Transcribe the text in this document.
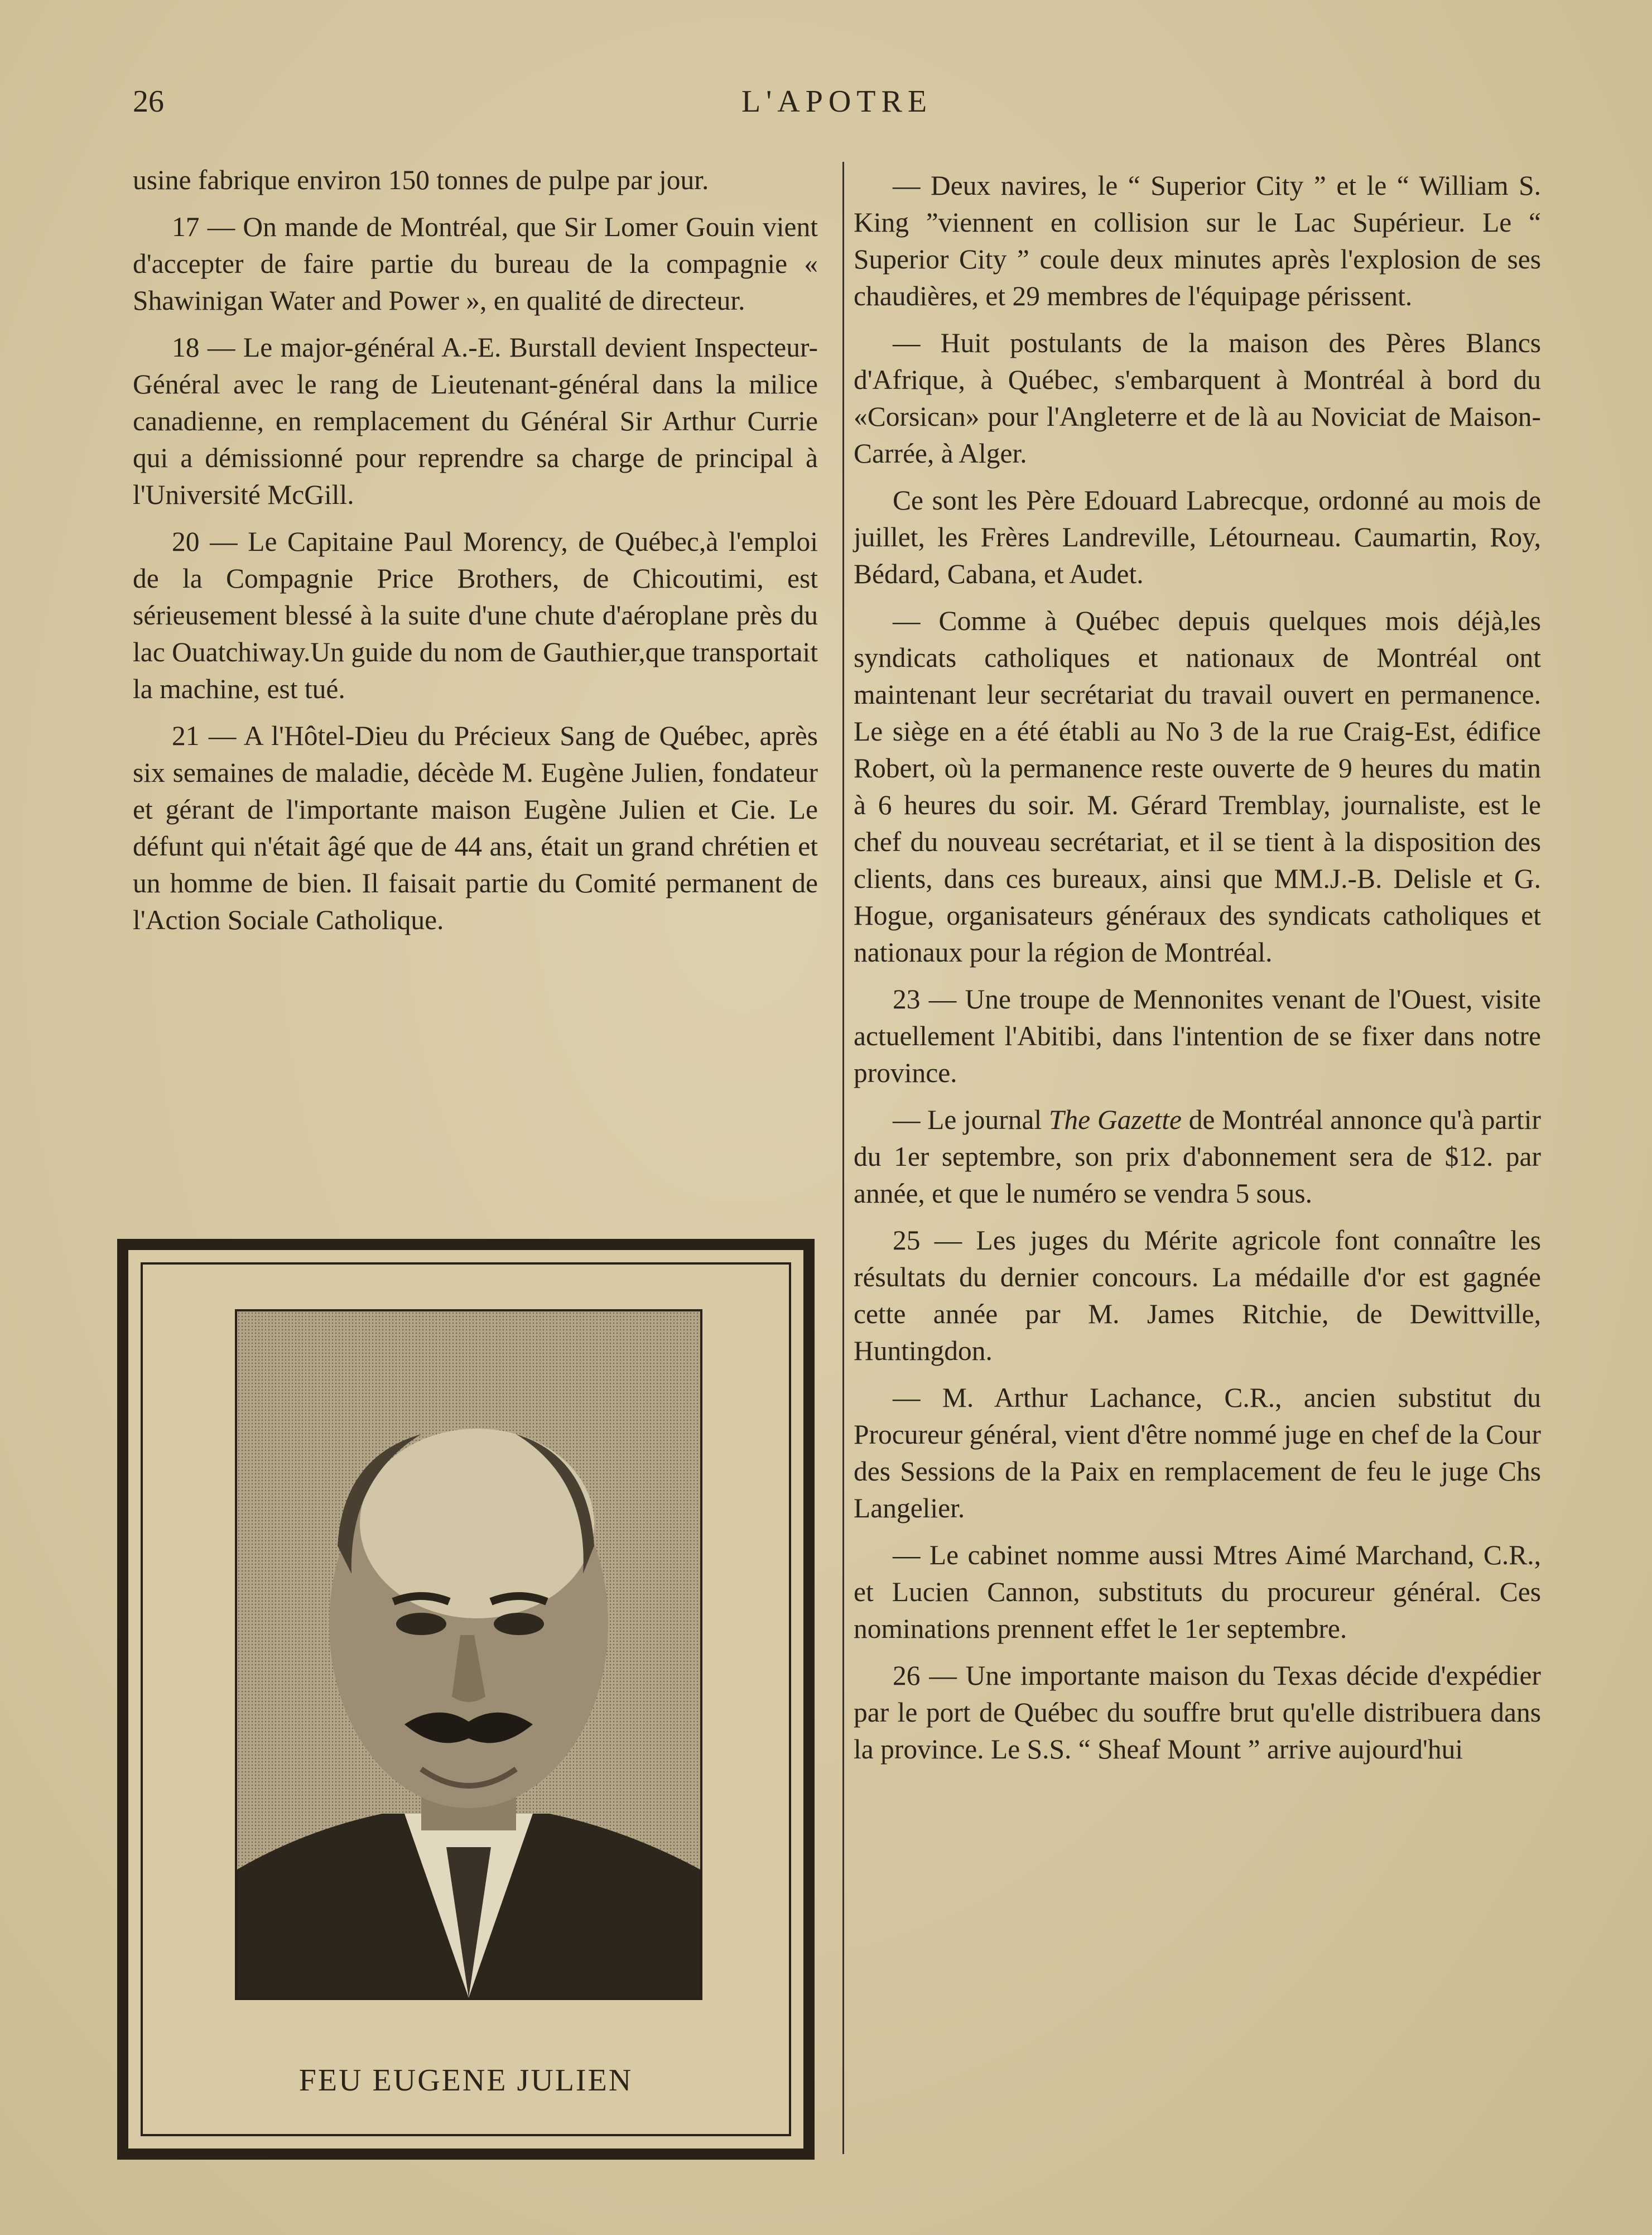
26	L'APOTRE

usine fabrique environ 150 tonnes de pulpe par jour.

17 — On mande de Montréal, que Sir Lomer Gouin vient d'accepter de faire partie du bureau de la compagnie « Shawinigan Water and Power », en qualité de directeur.

18 — Le major-général A.-E. Burstall devient Inspecteur-Général avec le rang de Lieutenant-général dans la milice canadienne, en remplacement du Général Sir Arthur Currie qui a démissionné pour reprendre sa charge de principal à l'Université McGill.

20 — Le Capitaine Paul Morency, de Québec,à l'emploi de la Compagnie Price Brothers, de Chicoutimi, est sérieusement blessé à la suite d'une chute d'aéroplane près du lac Ouatchiway.Un guide du nom de Gauthier,que transportait la machine, est tué.

21 — A l'Hôtel-Dieu du Précieux Sang de Québec, après six semaines de maladie, décède M. Eugène Julien, fondateur et gérant de l'importante maison Eugène Julien et Cie. Le défunt qui n'était âgé que de 44 ans, était un grand chrétien et un homme de bien. Il faisait partie du Comité permanent de l'Action Sociale Catholique.

FEU EUGENE JULIEN

— Deux navires, le “ Superior City ” et le “ William S. King ”viennent en collision sur le Lac Supérieur. Le “ Superior City ” coule deux minutes après l'explosion de ses chaudières, et 29 membres de l'équipage périssent.

— Huit postulants de la maison des Pères Blancs d'Afrique, à Québec, s'embarquent à Montréal à bord du «Corsican» pour l'Angleterre et de là au Noviciat de Maison-Carrée, à Alger.

Ce sont les Père Edouard Labrecque, ordonné au mois de juillet, les Frères Landreville, Létourneau. Caumartin, Roy, Bédard, Cabana, et Audet.

— Comme à Québec depuis quelques mois déjà,les syndicats catholiques et nationaux de Montréal ont maintenant leur secrétariat du travail ouvert en permanence. Le siège en a été établi au No 3 de la rue Craig-Est, édifice Robert, où la permanence reste ouverte de 9 heures du matin à 6 heures du soir. M. Gérard Tremblay, journaliste, est le chef du nouveau secrétariat, et il se tient à la disposition des clients, dans ces bureaux, ainsi que MM.J.-B. Delisle et G. Hogue, organisateurs généraux des syndicats catholiques et nationaux pour la région de Montréal.

23 — Une troupe de Mennonites venant de l'Ouest, visite actuellement l'Abitibi, dans l'intention de se fixer dans notre province.

— Le journal The Gazette de Montréal annonce qu'à partir du 1er septembre, son prix d'abonnement sera de $12. par année, et que le numéro se vendra 5 sous.

25 — Les juges du Mérite agricole font connaître les résultats du dernier concours. La médaille d'or est gagnée cette année par M. James Ritchie, de Dewittville, Huntingdon.

— M. Arthur Lachance, C.R., ancien substitut du Procureur général, vient d'être nommé juge en chef de la Cour des Sessions de la Paix en remplacement de feu le juge Chs Langelier.

— Le cabinet nomme aussi Mtres Aimé Marchand, C.R., et Lucien Cannon, substituts du procureur général. Ces nominations prennent effet le 1er septembre.

26 — Une importante maison du Texas décide d'expédier par le port de Québec du souffre brut qu'elle distribuera dans la province. Le S.S. “ Sheaf Mount ” arrive aujourd'hui
